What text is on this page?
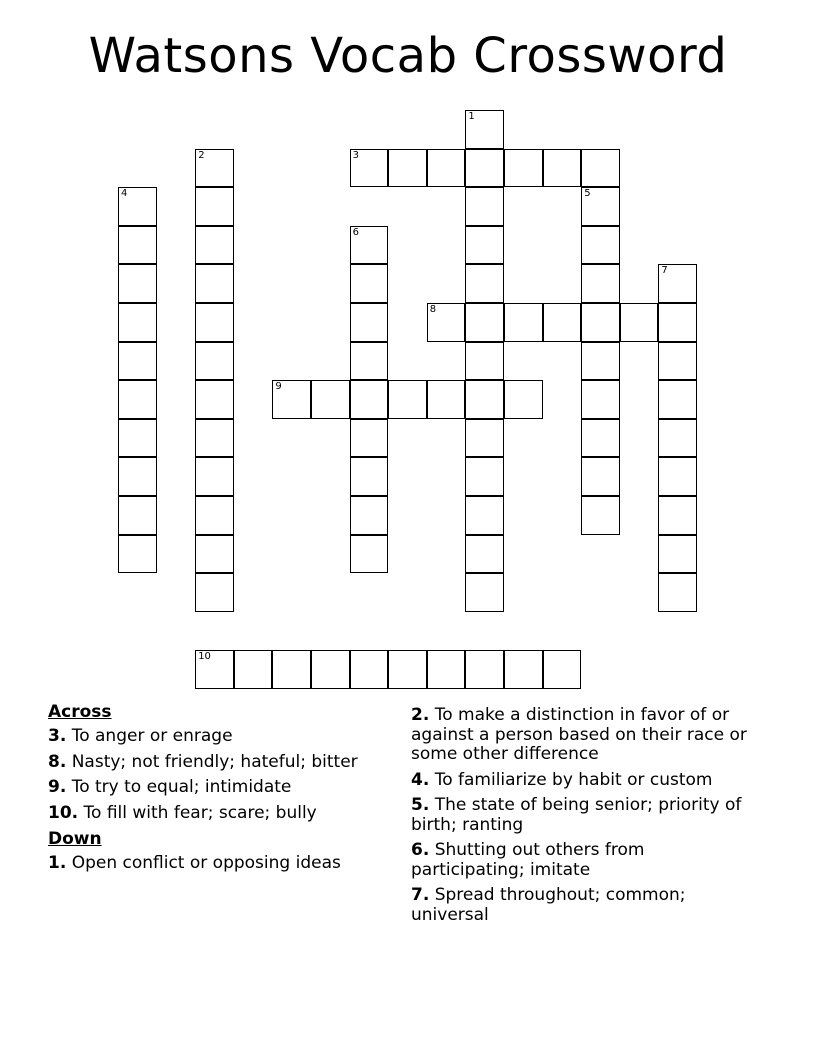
Watsons Vocab Crossword
1
2	3
4	5
6
7
8
9
10

Across

3. To anger or enrage

8. Nasty; not friendly; hateful; bitter

9. To try to equal; intimidate

10. To fill with fear; scare; bully

Down

1. Open conflict or opposing ideas

2. To make a distinction in favor of or against a person based on their race or some other difference

4. To familiarize by habit or custom

5. The state of being senior; priority of birth; ranting

6. Shutting out others from participating; imitate

7. Spread throughout; common; universal
